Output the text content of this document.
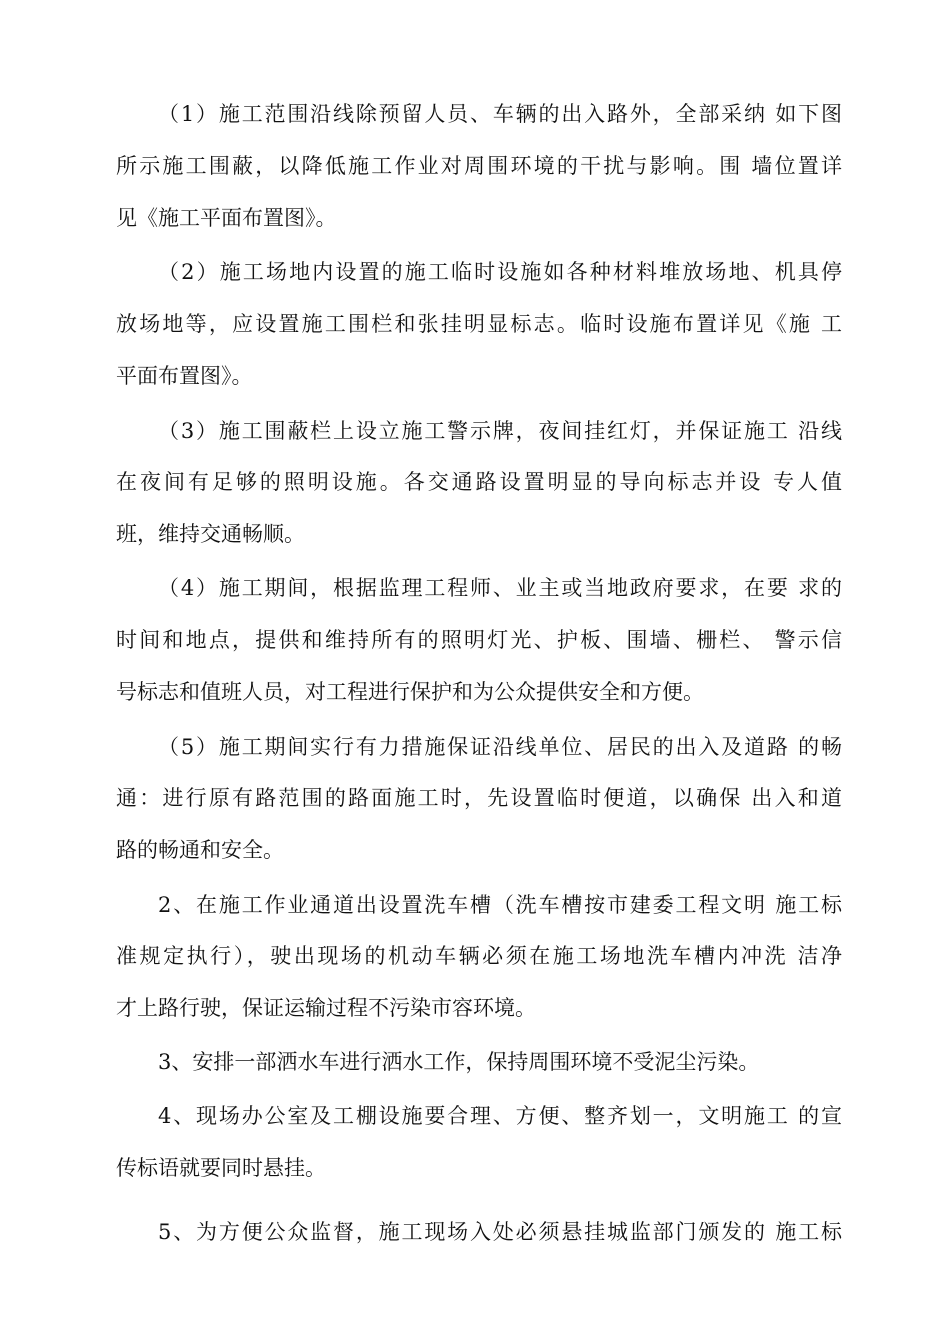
（1）施工范围沿线除预留人员、车辆的出入路外，全部采纳 如下图
所示施工围蔽，以降低施工作业对周围环境的干扰与影响。围 墙位置详
见《施工平面布置图》。
（2）施工场地内设置的施工临时设施如各种材料堆放场地、机具停
放场地等，应设置施工围栏和张挂明显标志。临时设施布置详见《施 工
平面布置图》。
（3）施工围蔽栏上设立施工警示牌，夜间挂红灯，并保证施工 沿线
在夜间有足够的照明设施。各交通路设置明显的导向标志并设 专人值
班，维持交通畅顺。
（4）施工期间，根据监理工程师、业主或当地政府要求，在要 求的
时间和地点，提供和维持所有的照明灯光、护板、围墙、栅栏、 警示信
号标志和值班人员，对工程进行保护和为公众提供安全和方便。
（5）施工期间实行有力措施保证沿线单位、居民的出入及道路 的畅
通：进行原有路范围的路面施工时，先设置临时便道，以确保 出入和道
路的畅通和安全。
2、在施工作业通道出设置洗车槽（洗车槽按市建委工程文明 施工标
准规定执行），驶出现场的机动车辆必须在施工场地洗车槽内冲洗 洁净
才上路行驶，保证运输过程不污染市容环境。
3、安排一部洒水车进行洒水工作，保持周围环境不受泥尘污染。
4、现场办公室及工棚设施要合理、方便、整齐划一，文明施工 的宣
传标语就要同时悬挂。
5、为方便公众监督，施工现场入处必须悬挂城监部门颁发的 施工标
